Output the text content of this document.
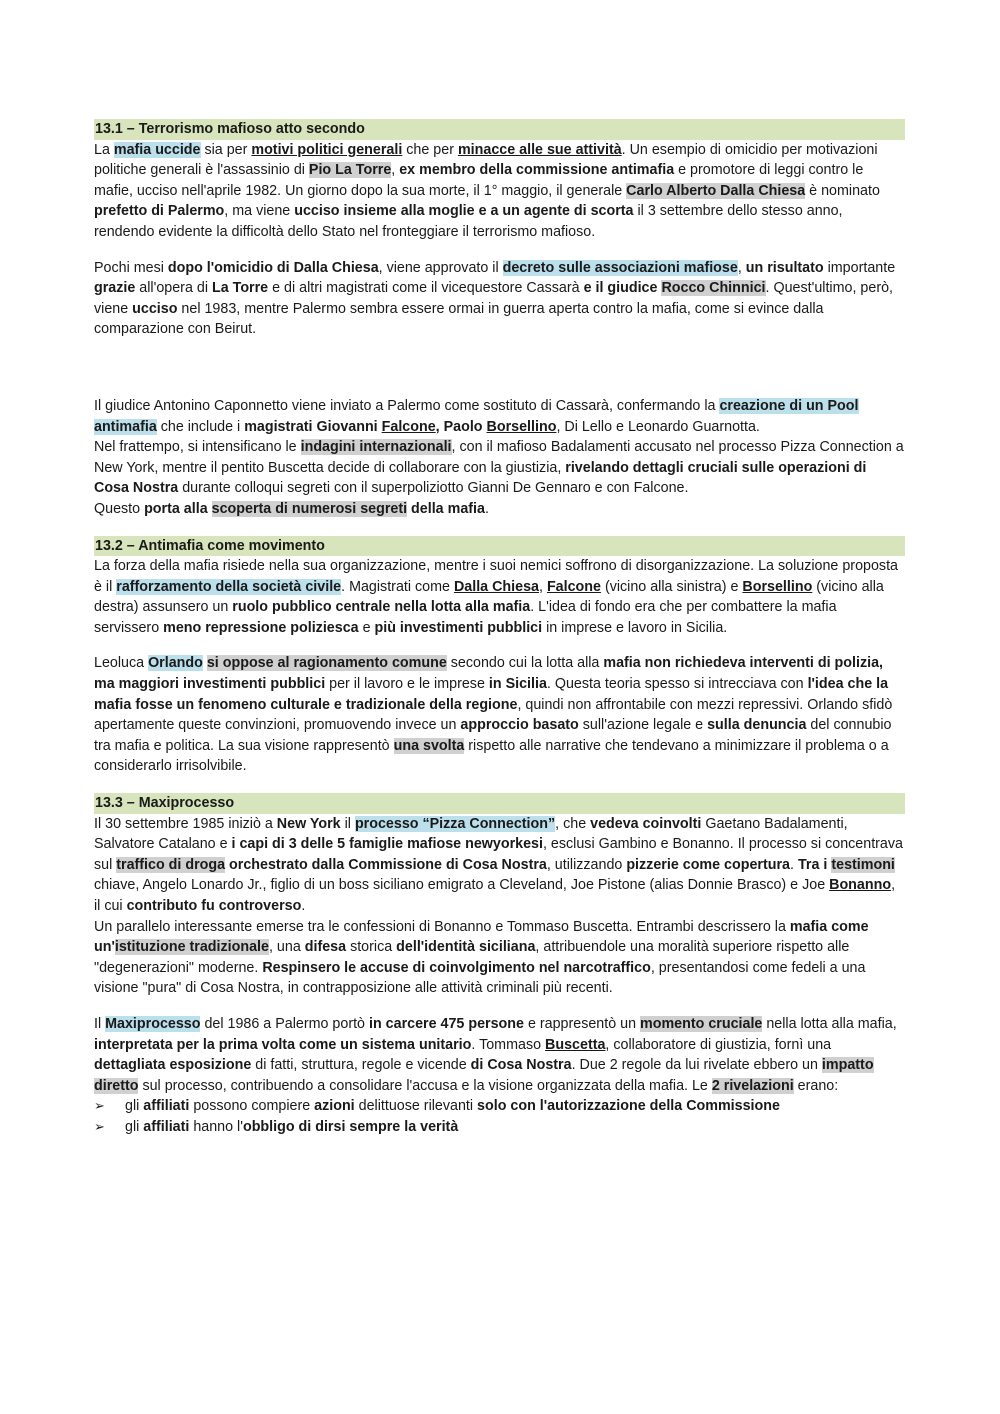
13.1 – Terrorismo mafioso atto secondo

La mafia uccide sia per motivi politici generali che per minacce alle sue attività. Un esempio di omicidio per motivazioni politiche generali è l'assassinio di Pio La Torre, ex membro della commissione antimafia e promotore di leggi contro le mafie, ucciso nell'aprile 1982. Un giorno dopo la sua morte, il 1° maggio, il generale Carlo Alberto Dalla Chiesa è nominato prefetto di Palermo, ma viene ucciso insieme alla moglie e a un agente di scorta il 3 settembre dello stesso anno, rendendo evidente la difficoltà dello Stato nel fronteggiare il terrorismo mafioso.

Pochi mesi dopo l'omicidio di Dalla Chiesa, viene approvato il decreto sulle associazioni mafiose, un risultato importante grazie all'opera di La Torre e di altri magistrati come il vicequestore Cassarà e il giudice Rocco Chinnici. Quest'ultimo, però, viene ucciso nel 1983, mentre Palermo sembra essere ormai in guerra aperta contro la mafia, come si evince dalla comparazione con Beirut.

Il giudice Antonino Caponnetto viene inviato a Palermo come sostituto di Cassarà, confermando la creazione di un Pool antimafia che include i magistrati Giovanni Falcone, Paolo Borsellino, Di Lello e Leonardo Guarnotta.
Nel frattempo, si intensificano le indagini internazionali, con il mafioso Badalamenti accusato nel processo Pizza Connection a New York, mentre il pentito Buscetta decide di collaborare con la giustizia, rivelando dettagli cruciali sulle operazioni di Cosa Nostra durante colloqui segreti con il superpoliziotto Gianni De Gennaro e con Falcone.
Questo porta alla scoperta di numerosi segreti della mafia.

13.2 – Antimafia come movimento

La forza della mafia risiede nella sua organizzazione, mentre i suoi nemici soffrono di disorganizzazione. La soluzione proposta è il rafforzamento della società civile. Magistrati come Dalla Chiesa, Falcone (vicino alla sinistra) e Borsellino (vicino alla destra) assunsero un ruolo pubblico centrale nella lotta alla mafia. L'idea di fondo era che per combattere la mafia servissero meno repressione poliziesca e più investimenti pubblici in imprese e lavoro in Sicilia.

Leoluca Orlando si oppose al ragionamento comune secondo cui la lotta alla mafia non richiedeva interventi di polizia, ma maggiori investimenti pubblici per il lavoro e le imprese in Sicilia. Questa teoria spesso si intrecciava con l'idea che la mafia fosse un fenomeno culturale e tradizionale della regione, quindi non affrontabile con mezzi repressivi. Orlando sfidò apertamente queste convinzioni, promuovendo invece un approccio basato sull'azione legale e sulla denuncia del connubio tra mafia e politica. La sua visione rappresentò una svolta rispetto alle narrative che tendevano a minimizzare il problema o a considerarlo irrisolvibile.

13.3 – Maxiprocesso

Il 30 settembre 1985 iniziò a New York il processo “Pizza Connection”, che vedeva coinvolti Gaetano Badalamenti, Salvatore Catalano e i capi di 3 delle 5 famiglie mafiose newyorkesi, esclusi Gambino e Bonanno. Il processo si concentrava sul traffico di droga orchestrato dalla Commissione di Cosa Nostra, utilizzando pizzerie come copertura. Tra i testimoni chiave, Angelo Lonardo Jr., figlio di un boss siciliano emigrato a Cleveland, Joe Pistone (alias Donnie Brasco) e Joe Bonanno, il cui contributo fu controverso.
Un parallelo interessante emerse tra le confessioni di Bonanno e Tommaso Buscetta. Entrambi descrissero la mafia come un'istituzione tradizionale, una difesa storica dell'identità siciliana, attribuendole una moralità superiore rispetto alle "degenerazioni" moderne. Respinsero le accuse di coinvolgimento nel narcotraffico, presentandosi come fedeli a una visione "pura" di Cosa Nostra, in contrapposizione alle attività criminali più recenti.

Il Maxiprocesso del 1986 a Palermo portò in carcere 475 persone e rappresentò un momento cruciale nella lotta alla mafia, interpretata per la prima volta come un sistema unitario. Tommaso Buscetta, collaboratore di giustizia, fornì una dettagliata esposizione di fatti, struttura, regole e vicende di Cosa Nostra. Due 2 regole da lui rivelate ebbero un impatto diretto sul processo, contribuendo a consolidare l'accusa e la visione organizzata della mafia. Le 2 rivelazioni erano:

➢ gli affiliati possono compiere azioni delittuose rilevanti solo con l'autorizzazione della Commissione
➢ gli affiliati hanno l'obbligo di dirsi sempre la verità
